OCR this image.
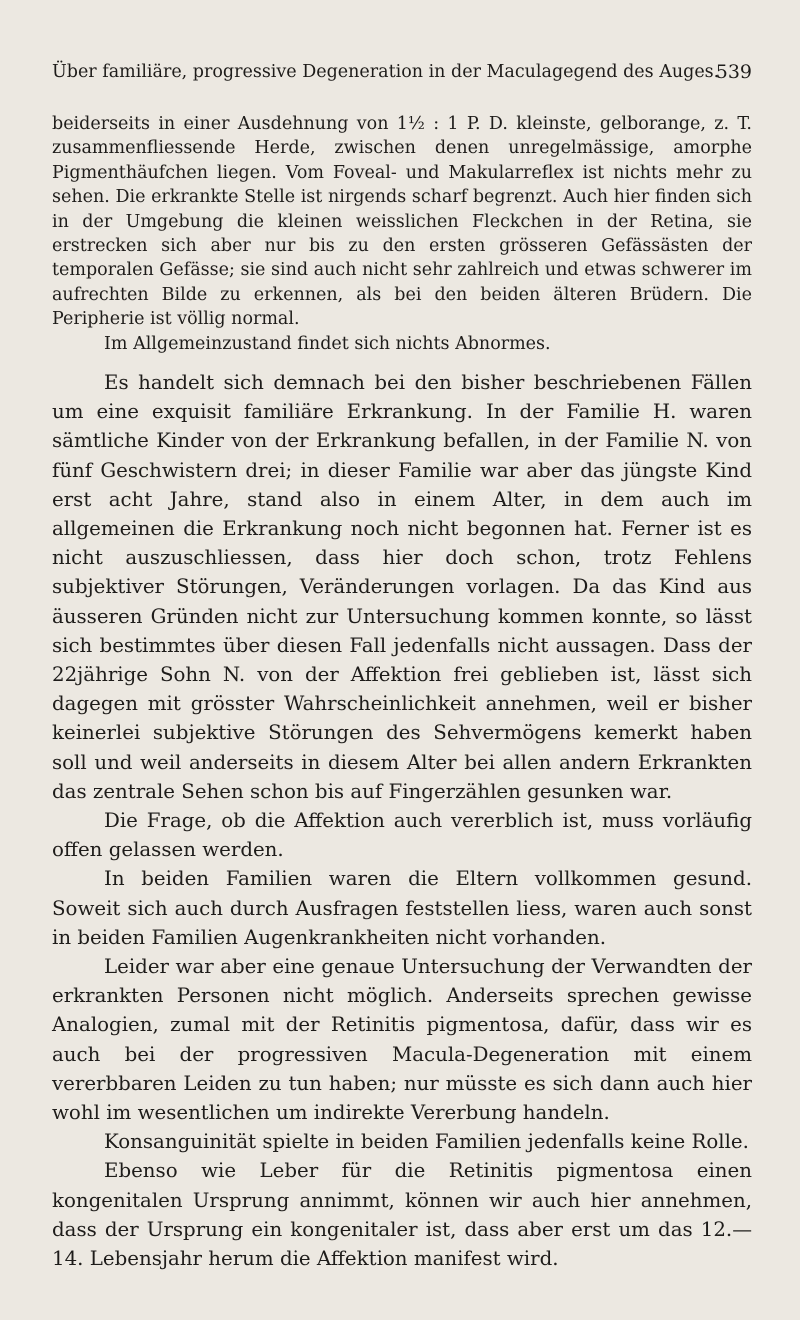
Über familiäre, progressive Degeneration in der Maculagegend des Auges.
539

beiderseits in einer Ausdehnung von 1½ : 1 P. D. kleinste, gelborange, z. T. zusammenfliessende Herde, zwischen denen unregelmässige, amorphe Pigmenthäufchen liegen. Vom Foveal- und Makularreflex ist nichts mehr zu sehen. Die erkrankte Stelle ist nirgends scharf begrenzt. Auch hier finden sich in der Umgebung die kleinen weisslichen Fleckchen in der Retina, sie erstrecken sich aber nur bis zu den ersten grösseren Gefässästen der temporalen Gefässe; sie sind auch nicht sehr zahlreich und etwas schwerer im aufrechten Bilde zu erkennen, als bei den beiden älteren Brüdern. Die Peripherie ist völlig normal.

Im Allgemeinzustand findet sich nichts Abnormes.

Es handelt sich demnach bei den bisher beschriebenen Fällen um eine exquisit familiäre Erkrankung. In der Familie H. waren sämtliche Kinder von der Erkrankung befallen, in der Familie N. von fünf Geschwistern drei; in dieser Familie war aber das jüngste Kind erst acht Jahre, stand also in einem Alter, in dem auch im allgemeinen die Erkrankung noch nicht begonnen hat. Ferner ist es nicht auszuschliessen, dass hier doch schon, trotz Fehlens subjektiver Störungen, Veränderungen vorlagen. Da das Kind aus äusseren Gründen nicht zur Untersuchung kommen konnte, so lässt sich bestimmtes über diesen Fall jedenfalls nicht aussagen. Dass der 22jährige Sohn N. von der Affektion frei geblieben ist, lässt sich dagegen mit grösster Wahrscheinlichkeit annehmen, weil er bisher keinerlei subjektive Störungen des Sehvermögens kemerkt haben soll und weil anderseits in diesem Alter bei allen andern Erkrankten das zentrale Sehen schon bis auf Fingerzählen gesunken war.

Die Frage, ob die Affektion auch vererblich ist, muss vorläufig offen gelassen werden.

In beiden Familien waren die Eltern vollkommen gesund. Soweit sich auch durch Ausfragen feststellen liess, waren auch sonst in beiden Familien Augenkrankheiten nicht vorhanden.

Leider war aber eine genaue Untersuchung der Verwandten der erkrankten Personen nicht möglich. Anderseits sprechen gewisse Analogien, zumal mit der Retinitis pigmentosa, dafür, dass wir es auch bei der progressiven Macula-Degeneration mit einem vererbbaren Leiden zu tun haben; nur müsste es sich dann auch hier wohl im wesentlichen um indirekte Vererbung handeln.

Konsanguinität spielte in beiden Familien jedenfalls keine Rolle.

Ebenso wie Leber für die Retinitis pigmentosa einen kongenitalen Ursprung annimmt, können wir auch hier annehmen, dass der Ursprung ein kongenitaler ist, dass aber erst um das 12.—14. Lebensjahr herum die Affektion manifest wird.
